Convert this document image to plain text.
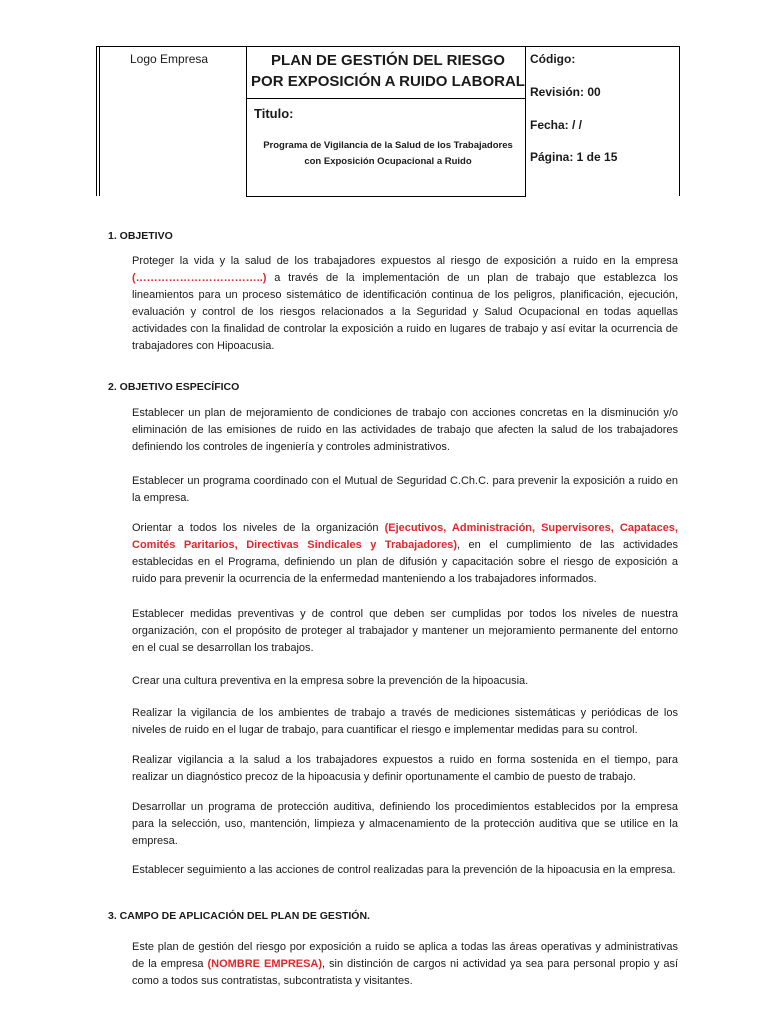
Logo Empresa	PLAN DE GESTIÓN DEL RIESGO
POR EXPOSICIÓN A RUIDO LABORAL
Titulo:
Programa de Vigilancia de la Salud de los Trabajadores
con Exposición Ocupacional a Ruido
Código:
Revisión: 00
Fecha: / /
Página: 1 de 15
1. OBJETIVO

Proteger la vida y la salud de los trabajadores expuestos al riesgo de exposición a ruido en la empresa (……………………………..) a través de la implementación de un plan de trabajo que establezca los lineamientos para un proceso sistemático de identificación continua de los peligros, planificación, ejecución, evaluación y control de los riesgos relacionados a la Seguridad y Salud Ocupacional en todas aquellas actividades con la finalidad de controlar la exposición a ruido en lugares de trabajo y así evitar la ocurrencia de trabajadores con Hipoacusia.

2. OBJETIVO ESPECÍFICO

Establecer un plan de mejoramiento de condiciones de trabajo con acciones concretas en la disminución y/o eliminación de las emisiones de ruido en las actividades de trabajo que afecten la salud de los trabajadores definiendo los controles de ingeniería y controles administrativos.

Establecer un programa coordinado con el Mutual de Seguridad C.Ch.C. para prevenir la exposición a ruido en la empresa.

Orientar a todos los niveles de la organización (Ejecutivos, Administración, Supervisores, Capataces, Comités Paritarios, Directivas Sindicales y Trabajadores), en el cumplimiento de las actividades establecidas en el Programa, definiendo un plan de difusión y capacitación sobre el riesgo de exposición a ruido para prevenir la ocurrencia de la enfermedad manteniendo a los trabajadores informados.

Establecer medidas preventivas y de control que deben ser cumplidas por todos los niveles de nuestra organización, con el propósito de proteger al trabajador y mantener un mejoramiento permanente del entorno en el cual se desarrollan los trabajos.

Crear una cultura preventiva en la empresa sobre la prevención de la hipoacusia.

Realizar la vigilancia de los ambientes de trabajo a través de mediciones sistemáticas y periódicas de los niveles de ruido en el lugar de trabajo, para cuantificar el riesgo e implementar medidas para su control.

Realizar vigilancia a la salud a los trabajadores expuestos a ruido en forma sostenida en el tiempo, para realizar un diagnóstico precoz de la hipoacusia y definir oportunamente el cambio de puesto de trabajo.

Desarrollar un programa de protección auditiva, definiendo los procedimientos establecidos por la empresa para la selección, uso, mantención, limpieza y almacenamiento de la protección auditiva que se utilice en la empresa.

Establecer seguimiento a las acciones de control realizadas para la prevención de la hipoacusia en la empresa.

3. CAMPO DE APLICACIÓN DEL PLAN DE GESTIÓN.

Este plan de gestión del riesgo por exposición a ruido se aplica a todas las áreas operativas y administrativas de la empresa (NOMBRE EMPRESA), sin distinción de cargos ni actividad ya sea para personal propio y así como a todos sus contratistas, subcontratista y visitantes.
